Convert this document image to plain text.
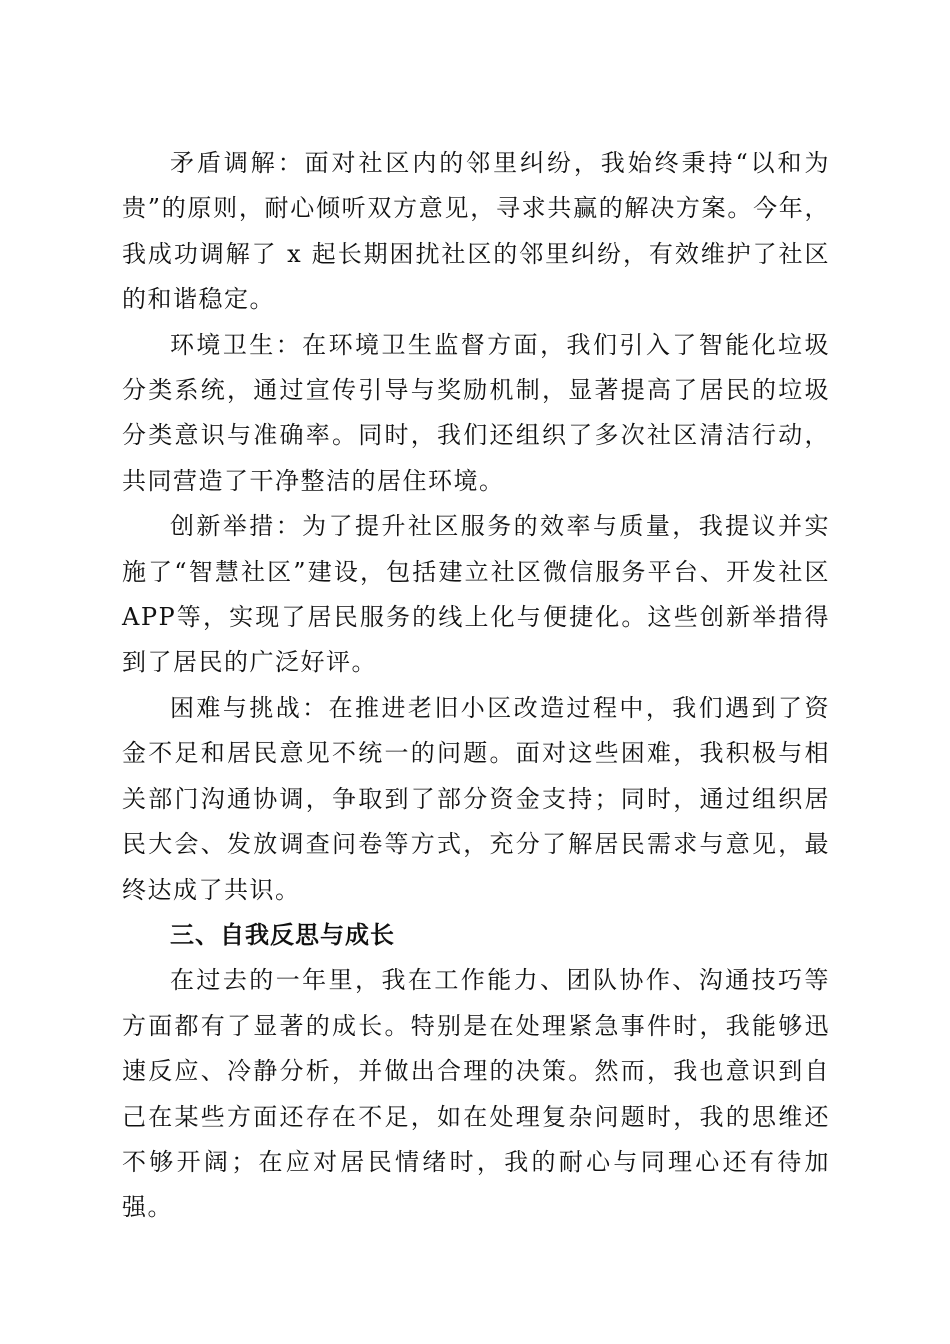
矛盾调解：面对社区内的邻里纠纷，我始终秉持“以和为贵”的原则，耐心倾听双方意见，寻求共赢的解决方案。今年，我成功调解了 x 起长期困扰社区的邻里纠纷，有效维护了社区的和谐稳定。

环境卫生：在环境卫生监督方面，我们引入了智能化垃圾分类系统，通过宣传引导与奖励机制，显著提高了居民的垃圾分类意识与准确率。同时，我们还组织了多次社区清洁行动，共同营造了干净整洁的居住环境。

创新举措：为了提升社区服务的效率与质量，我提议并实施了“智慧社区”建设，包括建立社区微信服务平台、开发社区APP等，实现了居民服务的线上化与便捷化。这些创新举措得到了居民的广泛好评。

困难与挑战：在推进老旧小区改造过程中，我们遇到了资金不足和居民意见不统一的问题。面对这些困难，我积极与相关部门沟通协调，争取到了部分资金支持；同时，通过组织居民大会、发放调查问卷等方式，充分了解居民需求与意见，最终达成了共识。

三、自我反思与成长

在过去的一年里，我在工作能力、团队协作、沟通技巧等方面都有了显著的成长。特别是在处理紧急事件时，我能够迅速反应、冷静分析，并做出合理的决策。然而，我也意识到自己在某些方面还存在不足，如在处理复杂问题时，我的思维还不够开阔；在应对居民情绪时，我的耐心与同理心还有待加强。
